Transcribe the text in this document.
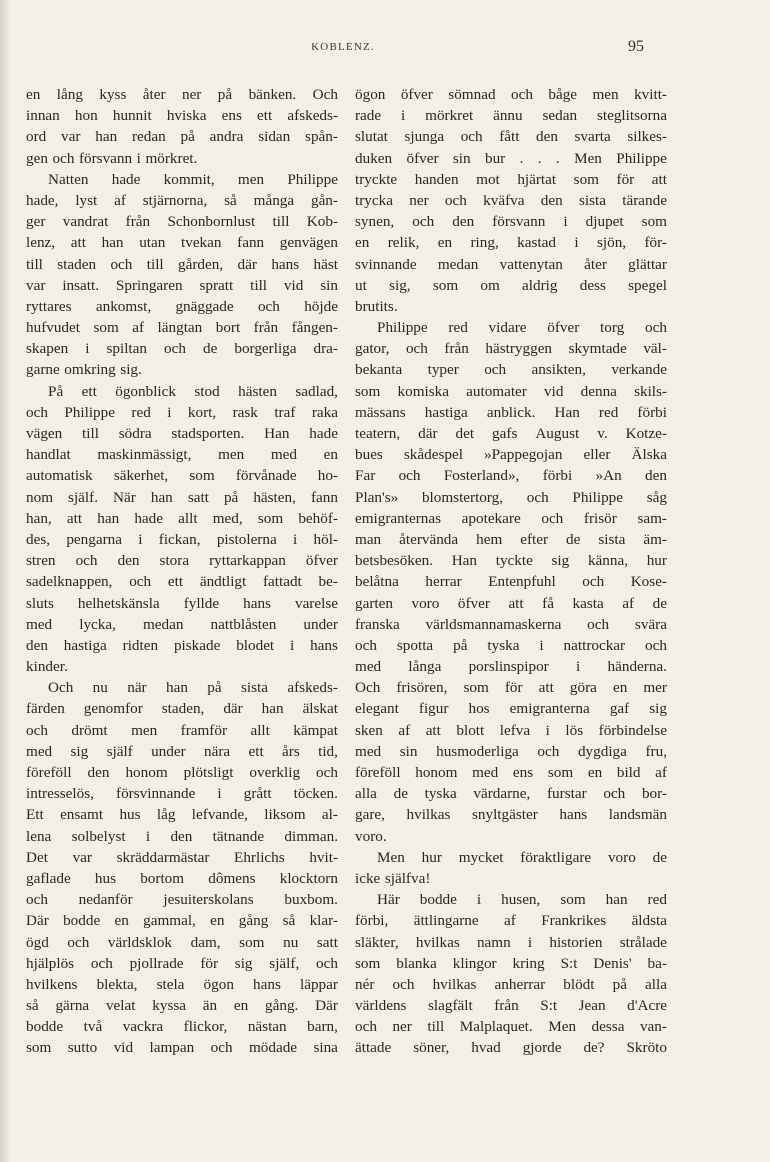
KOBLENZ.	95
en lång kyss åter ner på bänken. Och
innan hon hunnit hviska ens ett afskeds-
ord var han redan på andra sidan spån-
gen och försvann i mörkret.
Natten hade kommit, men Philippe
hade, lyst af stjärnorna, så många gån-
ger vandrat från Schonbornlust till Kob-
lenz, att han utan tvekan fann genvägen
till staden och till gården, där hans häst
var insatt. Springaren spratt till vid sin
ryttares ankomst, gnäggade och höjde
hufvudet som af längtan bort från fången-
skapen i spiltan och de borgerliga dra-
garne omkring sig.
På ett ögonblick stod hästen sadlad,
och Philippe red i kort, rask traf raka
vägen till södra stadsporten. Han hade
handlat maskinmässigt, men med en
automatisk säkerhet, som förvånade ho-
nom själf. När han satt på hästen, fann
han, att han hade allt med, som behöf-
des, pengarna i fickan, pistolerna i höl-
stren och den stora ryttarkappan öfver
sadelknappen, och ett ändtligt fattadt be-
sluts helhetskänsla fyllde hans varelse
med lycka, medan nattblåsten under
den hastiga ridten piskade blodet i hans
kinder.
Och nu när han på sista afskeds-
färden genomfor staden, där han älskat
och drömt men framför allt kämpat
med sig själf under nära ett års tid,
föreföll den honom plötsligt overklig och
intresselös, försvinnande i grått töcken.
Ett ensamt hus låg lefvande, liksom al-
lena solbelyst i den tätnande dimman.
Det var skräddarmästar Ehrlichs hvit-
gaflade hus bortom dômens klocktorn
och nedanför jesuiterskolans buxbom.
Där bodde en gammal, en gång så klar-
ögd och världsklok dam, som nu satt
hjälplös och pjollrade för sig själf, och
hvilkens blekta, stela ögon hans läppar
så gärna velat kyssa än en gång. Där
bodde två vackra flickor, nästan barn,
som sutto vid lampan och mödade sina
ögon öfver sömnad och båge men kvitt-
rade i mörkret ännu sedan steglitsorna
slutat sjunga och fått den svarta silkes-
duken öfver sin bur . . . Men Philippe
tryckte handen mot hjärtat som för att
trycka ner och kväfva den sista tärande
synen, och den försvann i djupet som
en relik, en ring, kastad i sjön, för-
svinnande medan vattenytan åter glättar
ut sig, som om aldrig dess spegel
brutits.
Philippe red vidare öfver torg och
gator, och från hästryggen skymtade väl-
bekanta typer och ansikten, verkande
som komiska automater vid denna skils-
mässans hastiga anblick. Han red förbi
teatern, där det gafs August v. Kotze-
bues skådespel »Pappegojan eller Älska
Far och Fosterland», förbi »An den
Plan's» blomstertorg, och Philippe såg
emigranternas apotekare och frisör sam-
man återvända hem efter de sista äm-
betsbesöken. Han tyckte sig känna, hur
belåtna herrar Entenpfuhl och Kose-
garten voro öfver att få kasta af de
franska världsmannamaskerna och svära
och spotta på tyska i nattrockar och
med långa porslinspipor i händerna.
Och frisören, som för att göra en mer
elegant figur hos emigranterna gaf sig
sken af att blott lefva i lös förbindelse
med sin husmoderliga och dygdiga fru,
föreföll honom med ens som en bild af
alla de tyska värdarne, furstar och bor-
gare, hvilkas snyltgäster hans landsmän
voro.
Men hur mycket föraktligare voro de
icke själfva!
Här bodde i husen, som han red
förbi, ättlingarne af Frankrikes äldsta
släkter, hvilkas namn i historien strålade
som blanka klingor kring S:t Denis' ba-
nér och hvilkas anherrar blödt på alla
världens slagfält från S:t Jean d'Acre
och ner till Malplaquet. Men dessa van-
ättade söner, hvad gjorde de? Skröto
